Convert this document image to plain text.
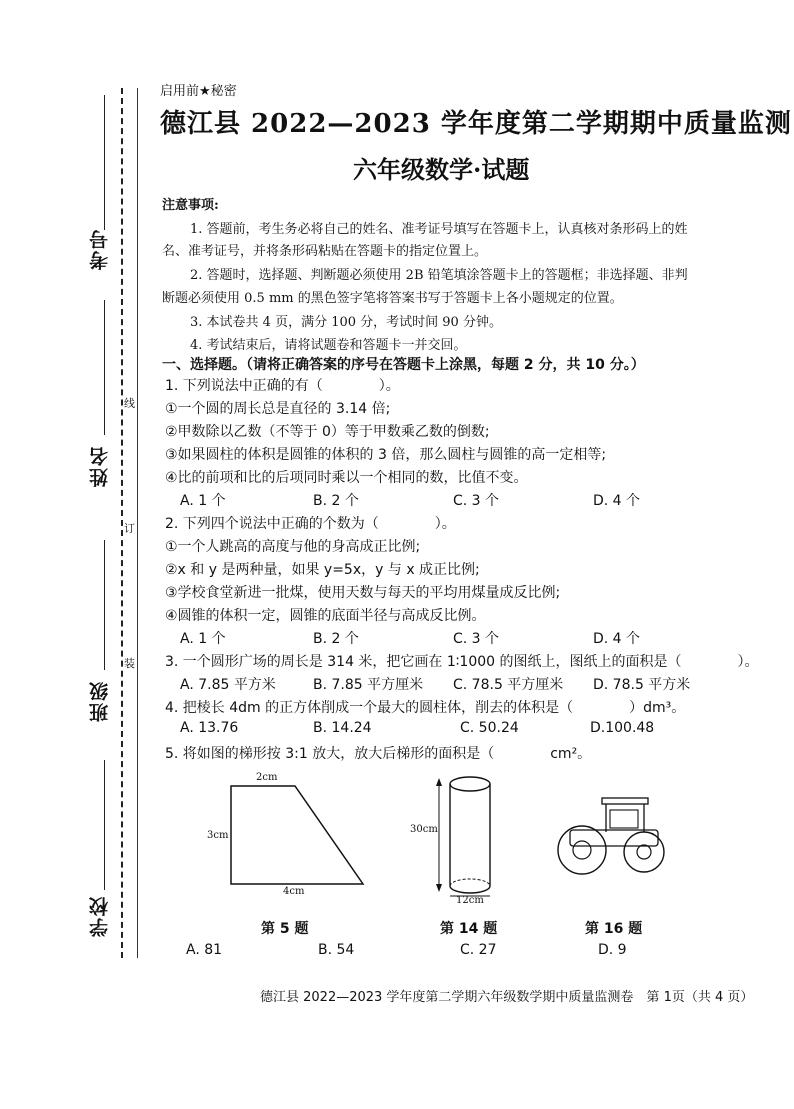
考号
姓名
班级
学校
线
订
装
启用前★秘密
德江县 2022—2023 学年度第二学期期中质量监测
六年级数学·试题
注意事项:
1. 答题前，考生务必将自己的姓名、准考证号填写在答题卡上，认真核对条形码上的姓
名、准考证号，并将条形码粘贴在答题卡的指定位置上。
2. 答题时，选择题、判断题必须使用 2B 铅笔填涂答题卡上的答题框；非选择题、非判
断题必须使用 0.5 mm 的黑色签字笔将答案书写于答题卡上各小题规定的位置。
3. 本试卷共 4 页，满分 100 分，考试时间 90 分钟。
4. 考试结束后，请将试题卷和答题卡一并交回。
一、选择题。（请将正确答案的序号在答题卡上涂黑，每题 2 分，共 10 分。）
1. 下列说法中正确的有（　　　　）。
①一个圆的周长总是直径的 3.14 倍;
②甲数除以乙数（不等于 0）等于甲数乘乙数的倒数;
③如果圆柱的体积是圆锥的体积的 3 倍，那么圆柱与圆锥的高一定相等;
④比的前项和比的后项同时乘以一个相同的数，比值不变。
A. 1 个	B. 2 个	C. 3 个	D. 4 个
2. 下列四个说法中正确的个数为（　　　　）。
①一个人跳高的高度与他的身高成正比例;
②x 和 y 是两种量，如果 y=5x，y 与 x 成正比例;
③学校食堂新进一批煤，使用天数与每天的平均用煤量成反比例;
④圆锥的体积一定，圆锥的底面半径与高成反比例。
A. 1 个	B. 2 个	C. 3 个	D. 4 个
3. 一个圆形广场的周长是 314 米，把它画在 1∶1000 的图纸上，图纸上的面积是（　　　　）。
A. 7.85 平方米	B. 7.85 平方厘米 C. 78.5 平方厘米 D. 78.5 平方米
4. 把棱长 4dm 的正方体削成一个最大的圆柱体，削去的体积是（　　　　）dm³。
A. 13.76	B. 14.24	C. 50.24	D.100.48
5. 将如图的梯形按 3:1 放大，放大后梯形的面积是（　　　　cm²。
2cm
3cm
4cm
30cm
12cm
第 5 题	第 14 题	第 16 题
A. 81	B. 54	C. 27	D. 9
德江县 2022—2023 学年度第二学期六年级数学期中质量监测卷　第 1页（共 4 页）
